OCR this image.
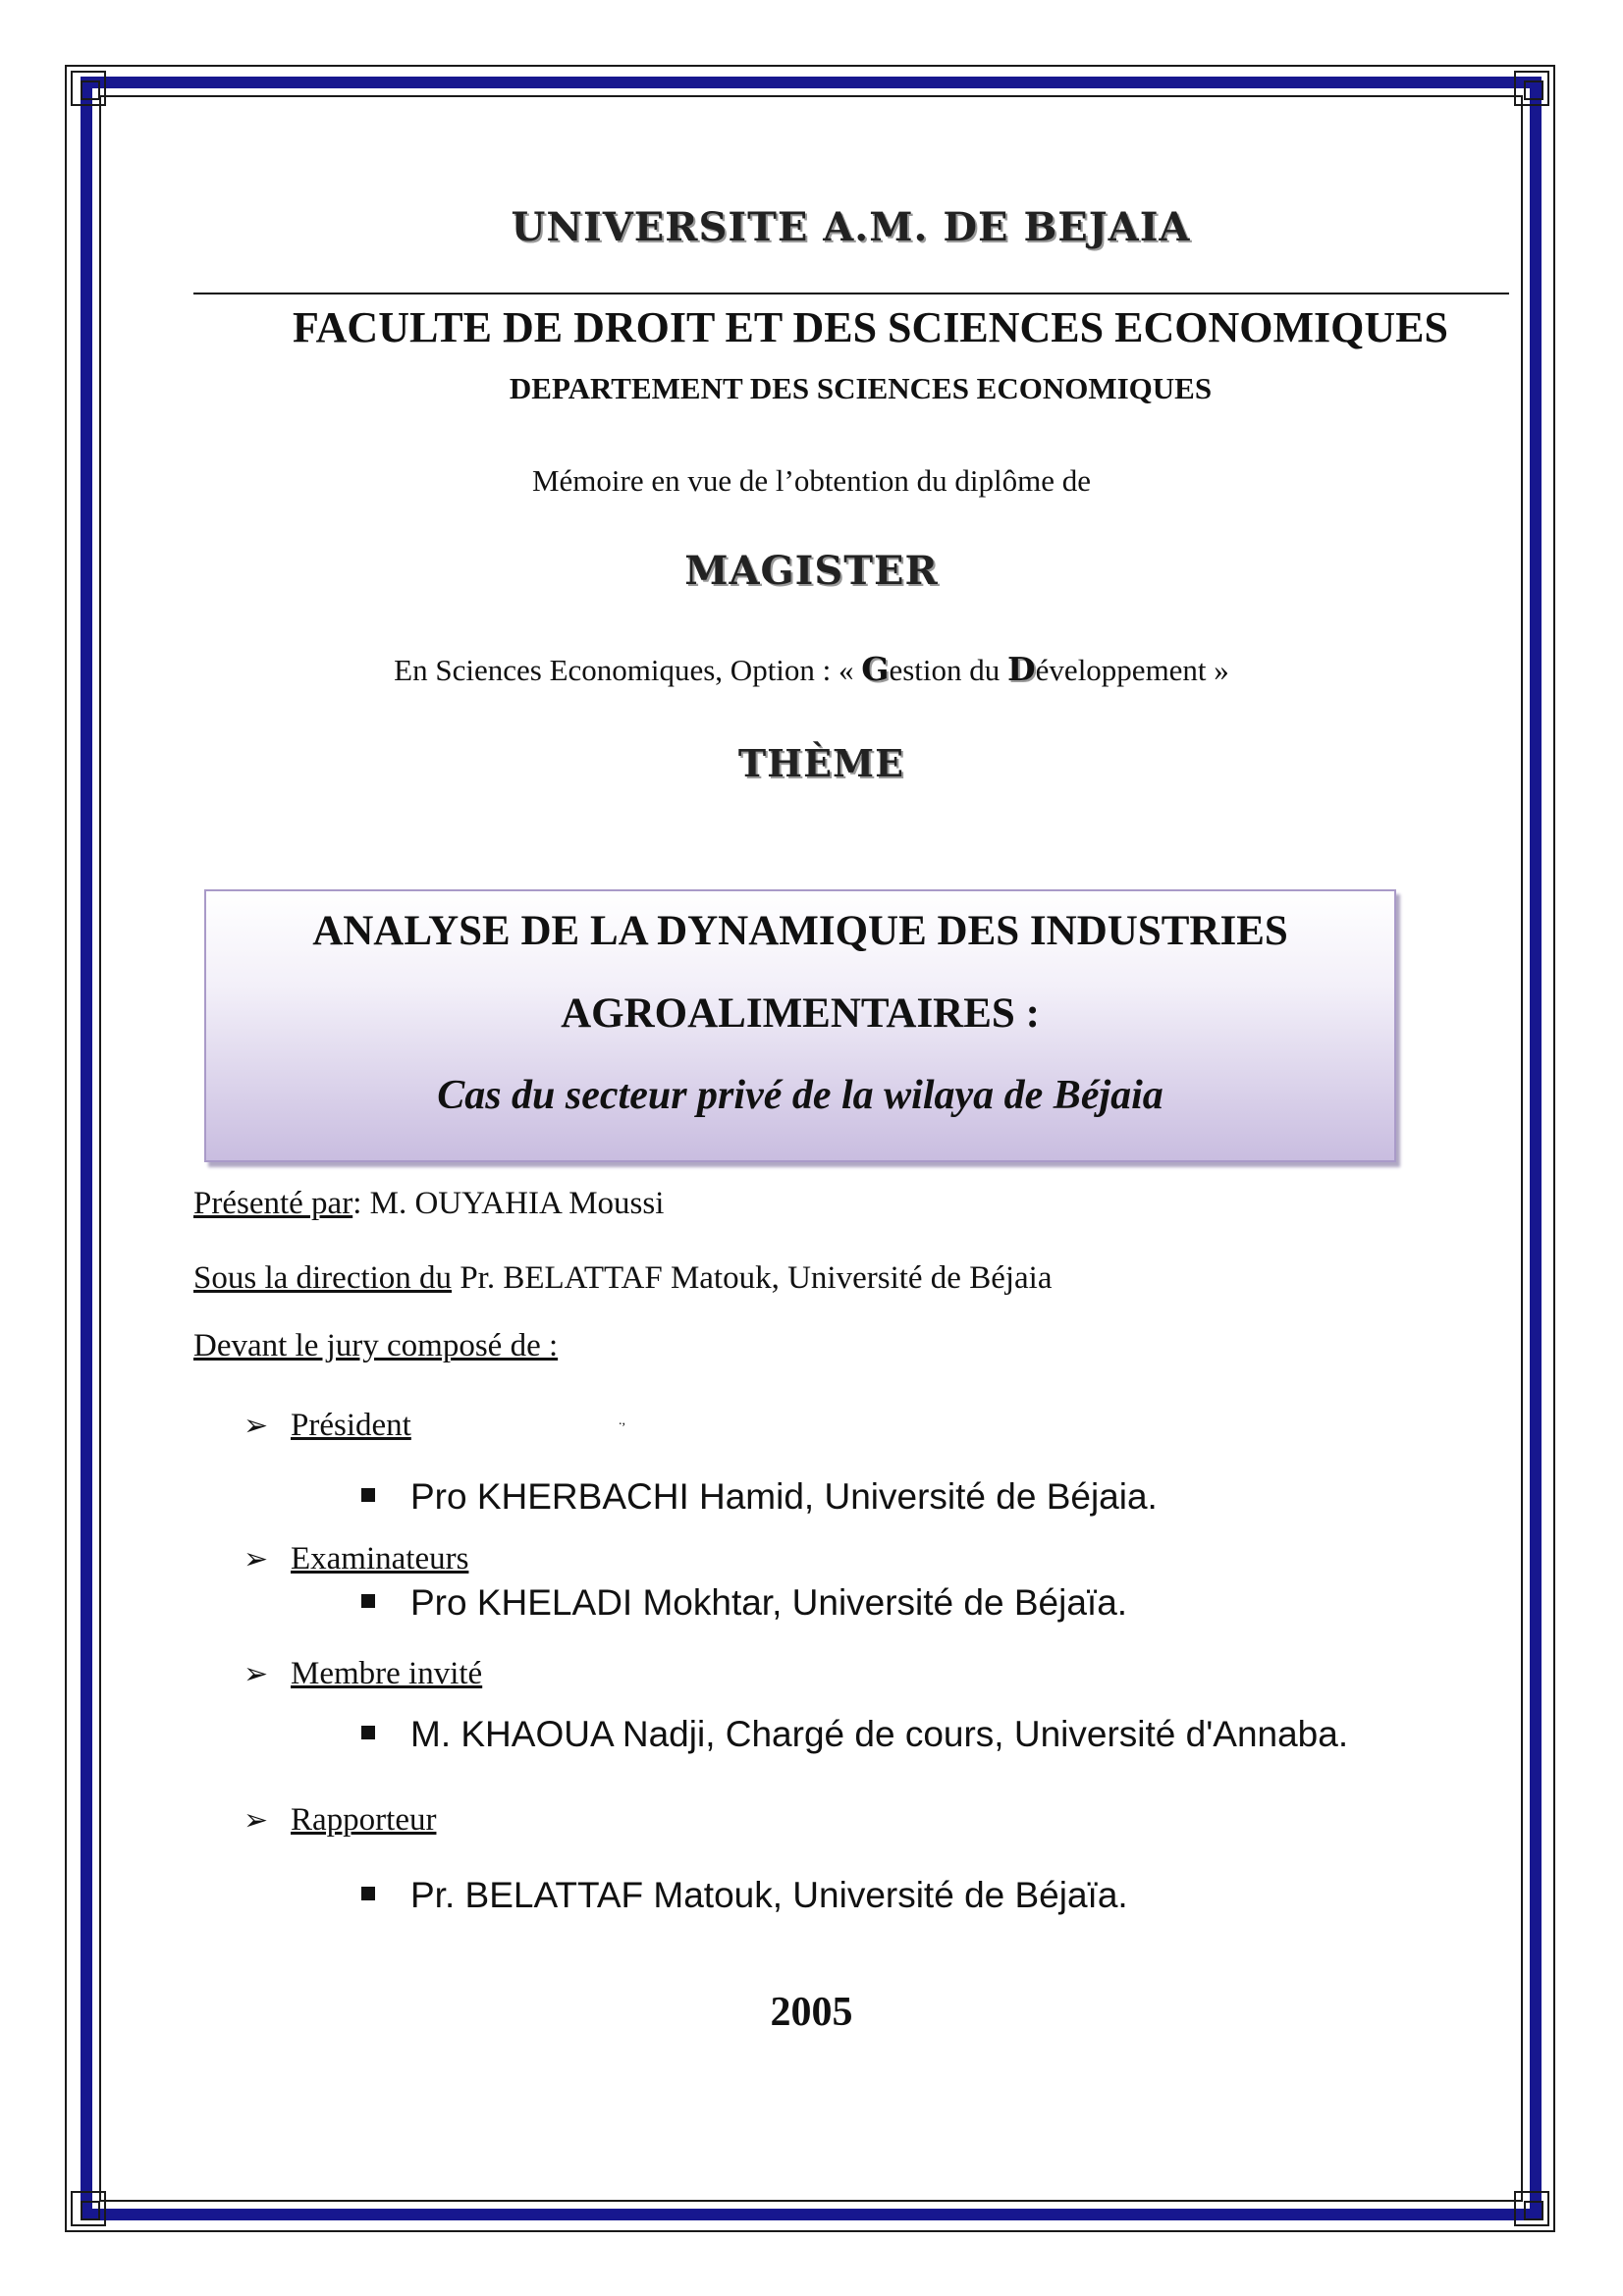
UNIVERSITE A.M. DE BEJAIA
FACULTE DE DROIT ET DES SCIENCES ECONOMIQUES
DEPARTEMENT DES SCIENCES ECONOMIQUES
Mémoire en vue de l’obtention du diplôme de
MAGISTER
En Sciences Economiques, Option : « Gestion du Développement »
THÈME
ANALYSE DE LA DYNAMIQUE DES INDUSTRIES
AGROALIMENTAIRES :
Cas du secteur privé de la wilaya de Béjaia
Présenté par: M. OUYAHIA Moussi
Sous la direction du Pr. BELATTAF Matouk, Université de Béjaia
Devant le jury composé de :
➢ Président	.,
Pro KHERBACHI Hamid, Université de Béjaia.
➢ Examinateurs
Pro KHELADI Mokhtar, Université de Béjaïa.
➢ Membre invité
M. KHAOUA Nadji, Chargé de cours, Université d'Annaba.
➢ Rapporteur
Pr. BELATTAF Matouk, Université de Béjaïa.
2005
